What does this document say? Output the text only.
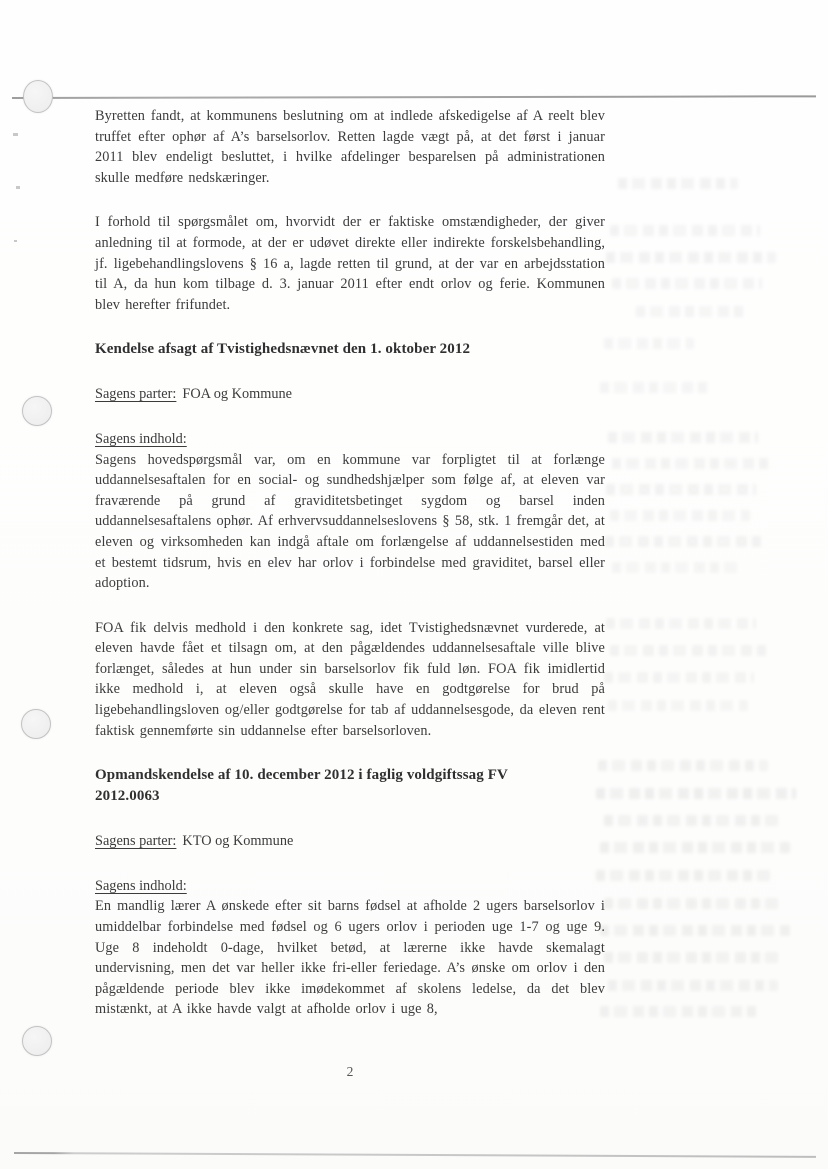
Byretten fandt, at kommunens beslutning om at indlede afskedigelse af A reelt blev truffet efter ophør af A’s barselsorlov. Retten lagde vægt på, at det først i januar 2011 blev endeligt besluttet, i hvilke afdelinger besparelsen på administrationen skulle medføre nedskæringer.

I forhold til spørgsmålet om, hvorvidt der er faktiske omstændigheder, der giver anledning til at formode, at der er udøvet direkte eller indirekte forskelsbehandling, jf. ligebehandlingslovens § 16 a, lagde retten til grund, at der var en arbejdsstation til A, da hun kom tilbage d. 3. januar 2011 efter endt orlov og ferie. Kommunen blev herefter frifundet.

Kendelse afsagt af Tvistighedsnævnet den 1. oktober 2012

Sagens parter: FOA og Kommune

Sagens indhold:

Sagens hovedspørgsmål var, om en kommune var forpligtet til at forlænge uddannelsesaftalen for en social- og sundhedshjælper som følge af, at eleven var fraværende på grund af graviditetsbetinget sygdom og barsel inden uddannelsesaftalens ophør. Af erhvervsuddannelseslovens § 58, stk. 1 fremgår det, at eleven og virksomheden kan indgå aftale om forlængelse af uddannelsestiden med et bestemt tidsrum, hvis en elev har orlov i forbindelse med graviditet, barsel eller adoption.

FOA fik delvis medhold i den konkrete sag, idet Tvistighedsnævnet vurderede, at eleven havde fået et tilsagn om, at den pågældendes uddannelsesaftale ville blive forlænget, således at hun under sin barselsorlov fik fuld løn. FOA fik imidlertid ikke medhold i, at eleven også skulle have en godtgørelse for brud på ligebehandlingsloven og/eller godtgørelse for tab af uddannelsesgode, da eleven rent faktisk gennemførte sin uddannelse efter barselsorloven.

Opmandskendelse af 10. december 2012 i faglig voldgiftssag FV 2012.0063

Sagens parter: KTO og Kommune

Sagens indhold:

En mandlig lærer A ønskede efter sit barns fødsel at afholde 2 ugers barselsorlov i umiddelbar forbindelse med fødsel og 6 ugers orlov i perioden uge 1-7 og uge 9. Uge 8 indeholdt 0-dage, hvilket betød, at lærerne ikke havde skemalagt undervisning, men det var heller ikke fri-eller feriedage. A’s ønske om orlov i den pågældende periode blev ikke imødekommet af skolens ledelse, da det blev mistænkt, at A ikke havde valgt at afholde orlov i uge 8,

2
